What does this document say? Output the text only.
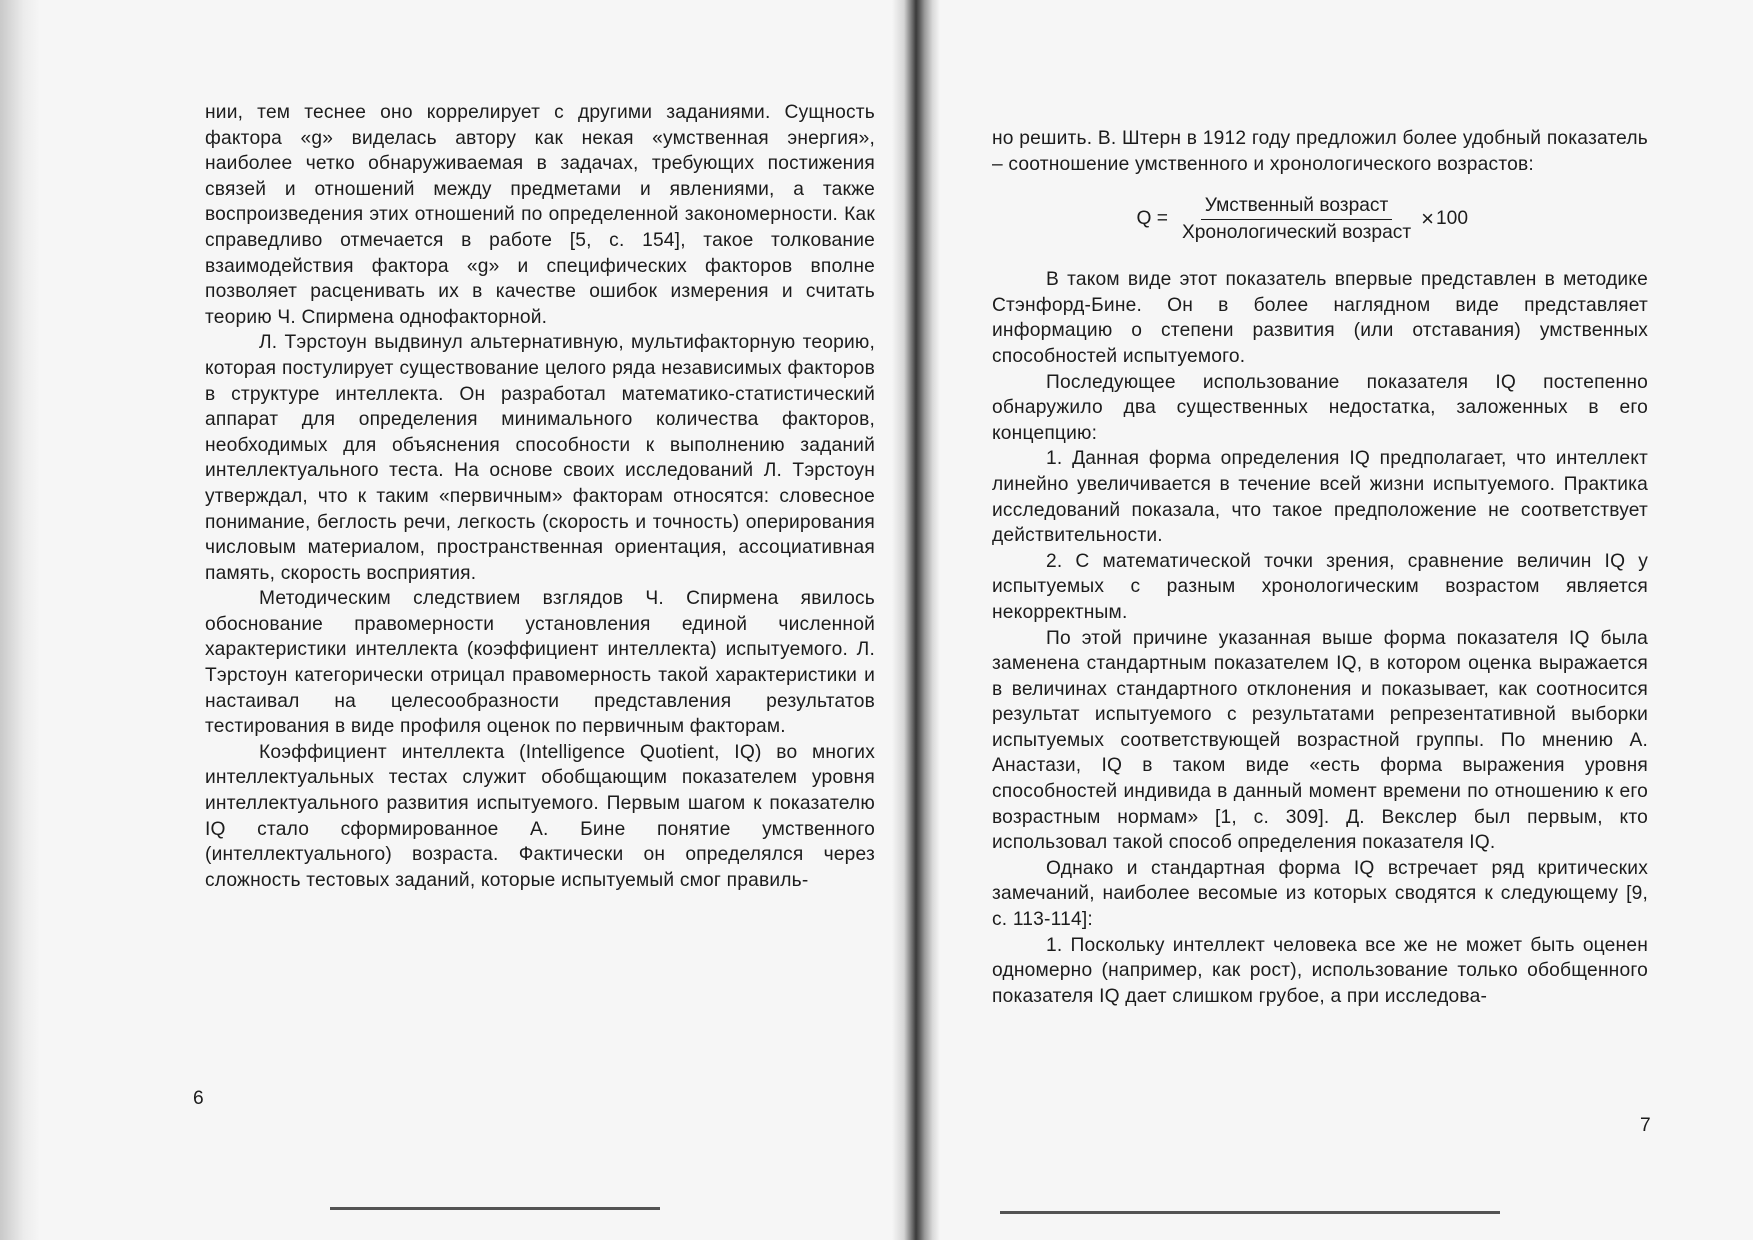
нии, тем теснее оно коррелирует с другими заданиями. Сущность фактора «g» виделась автору как некая «умственная энергия», наиболее четко обнаруживаемая в задачах, требующих постижения связей и отношений между предметами и явлениями, а также воспроизведения этих отношений по определенной закономерности. Как справедливо отмечается в работе [5, с. 154], такое толкование взаимодействия фактора «g» и специфических факторов вполне позволяет расценивать их в качестве ошибок измерения и считать теорию Ч. Спирмена однофакторной.

Л. Тэрстоун выдвинул альтернативную, мультифакторную теорию, которая постулирует существование целого ряда независимых факторов в структуре интеллекта. Он разработал математико-статистический аппарат для определения минимального количества факторов, необходимых для объяснения способности к выполнению заданий интеллектуального теста. На основе своих исследований Л. Тэрстоун утверждал, что к таким «первичным» факторам относятся: словесное понимание, беглость речи, легкость (скорость и точность) оперирования числовым материалом, пространственная ориентация, ассоциативная память, скорость восприятия.

Методическим следствием взглядов Ч. Спирмена явилось обоснование правомерности установления единой численной характеристики интеллекта (коэффициент интеллекта) испытуемого. Л. Тэрстоун категорически отрицал правомерность такой характеристики и настаивал на целесообразности представления результатов тестирования в виде профиля оценок по первичным факторам.

Коэффициент интеллекта (Intelligence Quotient, IQ) во многих интеллектуальных тестах служит обобщающим показателем уровня интеллектуального развития испытуемого. Первым шагом к показателю IQ стало сформированное А. Бине понятие умственного (интеллектуального) возраста. Фактически он определялся через сложность тестовых заданий, которые испытуемый смог правиль-

6

но решить. В. Штерн в 1912 году предложил более удобный показатель – соотношение умственного и хронологического возрастов:

$Q = \frac{\text{Умственный возраст}}{\text{Хронологический возраст}} \times 100$

В таком виде этот показатель впервые представлен в методике Стэнфорд-Бине. Он в более наглядном виде представляет информацию о степени развития (или отставания) умственных способностей испытуемого.

Последующее использование показателя IQ постепенно обнаружило два существенных недостатка, заложенных в его концепцию:

1. Данная форма определения IQ предполагает, что интеллект линейно увеличивается в течение всей жизни испытуемого. Практика исследований показала, что такое предположение не соответствует действительности.

2. С математической точки зрения, сравнение величин IQ у испытуемых с разным хронологическим возрастом является некорректным.

По этой причине указанная выше форма показателя IQ была заменена стандартным показателем IQ, в котором оценка выражается в величинах стандартного отклонения и показывает, как соотносится результат испытуемого с результатами репрезентативной выборки испытуемых соответствующей возрастной группы. По мнению А. Анастази, IQ в таком виде «есть форма выражения уровня способностей индивида в данный момент времени по отношению к его возрастным нормам» [1, с. 309]. Д. Векслер был первым, кто использовал такой способ определения показателя IQ.

Однако и стандартная форма IQ встречает ряд критических замечаний, наиболее весомые из которых сводятся к следующему [9, с. 113-114]:

1. Поскольку интеллект человека все же не может быть оценен одномерно (например, как рост), использование только обобщенного показателя IQ дает слишком грубое, а при исследова-

7
